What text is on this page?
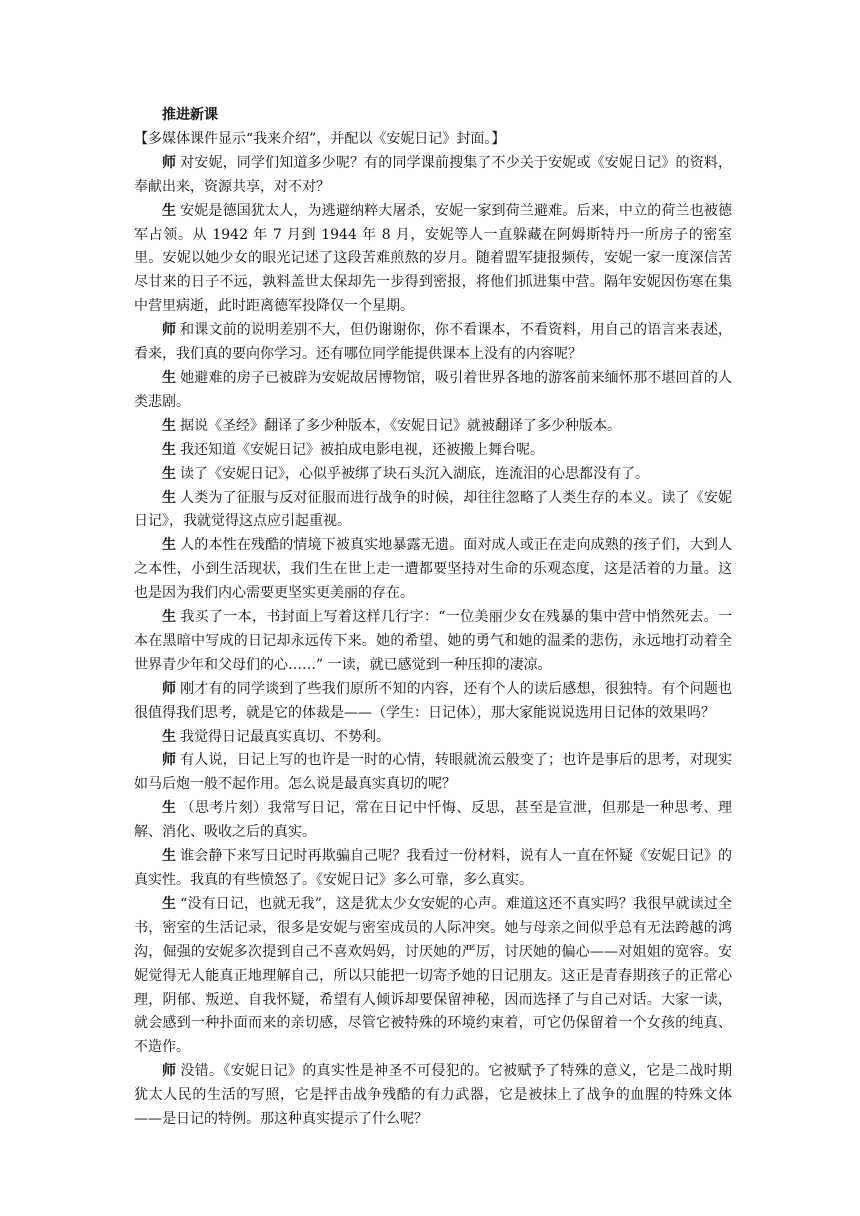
推进新课

【多媒体课件显示“我来介绍”，并配以《安妮日记》封面。】

师 对安妮，同学们知道多少呢？有的同学课前搜集了不少关于安妮或《安妮日记》的资料，奉献出来，资源共享，对不对？

生 安妮是德国犹太人，为逃避纳粹大屠杀，安妮一家到荷兰避难。后来，中立的荷兰也被德军占领。从 1942 年 7 月到 1944 年 8 月，安妮等人一直躲藏在阿姆斯特丹一所房子的密室里。安妮以她少女的眼光记述了这段苦难煎熬的岁月。随着盟军捷报频传，安妮一家一度深信苦尽甘来的日子不远，孰料盖世太保却先一步得到密报，将他们抓进集中营。隔年安妮因伤寒在集中营里病逝，此时距离德军投降仅一个星期。

师 和课文前的说明差别不大，但仍谢谢你，你不看课本，不看资料，用自己的语言来表述，看来，我们真的要向你学习。还有哪位同学能提供课本上没有的内容呢？

生 她避难的房子已被辟为安妮故居博物馆，吸引着世界各地的游客前来缅怀那不堪回首的人类悲剧。

生 据说《圣经》翻译了多少种版本，《安妮日记》就被翻译了多少种版本。

生 我还知道《安妮日记》被拍成电影电视，还被搬上舞台呢。

生 读了《安妮日记》，心似乎被绑了块石头沉入湖底，连流泪的心思都没有了。

生 人类为了征服与反对征服而进行战争的时候，却往往忽略了人类生存的本义。读了《安妮日记》，我就觉得这点应引起重视。

生 人的本性在残酷的情境下被真实地暴露无遗。面对成人或正在走向成熟的孩子们，大到人之本性，小到生活现状，我们生在世上走一遭都要坚持对生命的乐观态度，这是活着的力量。这也是因为我们内心需要更坚实更美丽的存在。

生 我买了一本，书封面上写着这样几行字：“一位美丽少女在残暴的集中营中悄然死去。一本在黑暗中写成的日记却永远传下来。她的希望、她的勇气和她的温柔的悲伤，永远地打动着全世界青少年和父母们的心……” 一读，就已感觉到一种压抑的凄凉。

师 刚才有的同学谈到了些我们原所不知的内容，还有个人的读后感想，很独特。有个问题也很值得我们思考，就是它的体裁是——（学生：日记体），那大家能说说选用日记体的效果吗？

生 我觉得日记最真实真切、不势利。

师 有人说，日记上写的也许是一时的心情，转眼就流云般变了；也许是事后的思考，对现实如马后炮一般不起作用。怎么说是最真实真切的呢？

生 （思考片刻）我常写日记，常在日记中忏悔、反思，甚至是宣泄，但那是一种思考、理解、消化、吸收之后的真实。

生 谁会静下来写日记时再欺骗自己呢？我看过一份材料，说有人一直在怀疑《安妮日记》的真实性。我真的有些愤怒了。《安妮日记》多么可靠，多么真实。

生 “没有日记，也就无我”，这是犹太少女安妮的心声。难道这还不真实吗？我很早就读过全书，密室的生活记录，很多是安妮与密室成员的人际冲突。她与母亲之间似乎总有无法跨越的鸿沟，倔强的安妮多次提到自己不喜欢妈妈，讨厌她的严厉，讨厌她的偏心——对姐姐的宽容。安妮觉得无人能真正地理解自己，所以只能把一切寄予她的日记朋友。这正是青春期孩子的正常心理，阴郁、叛逆、自我怀疑，希望有人倾诉却要保留神秘，因而选择了与自己对话。大家一读，就会感到一种扑面而来的亲切感，尽管它被特殊的环境约束着，可它仍保留着一个女孩的纯真、不造作。

师 没错。《安妮日记》的真实性是神圣不可侵犯的。它被赋予了特殊的意义，它是二战时期犹太人民的生活的写照，它是抨击战争残酷的有力武器，它是被抹上了战争的血腥的特殊文体——是日记的特例。那这种真实提示了什么呢？
